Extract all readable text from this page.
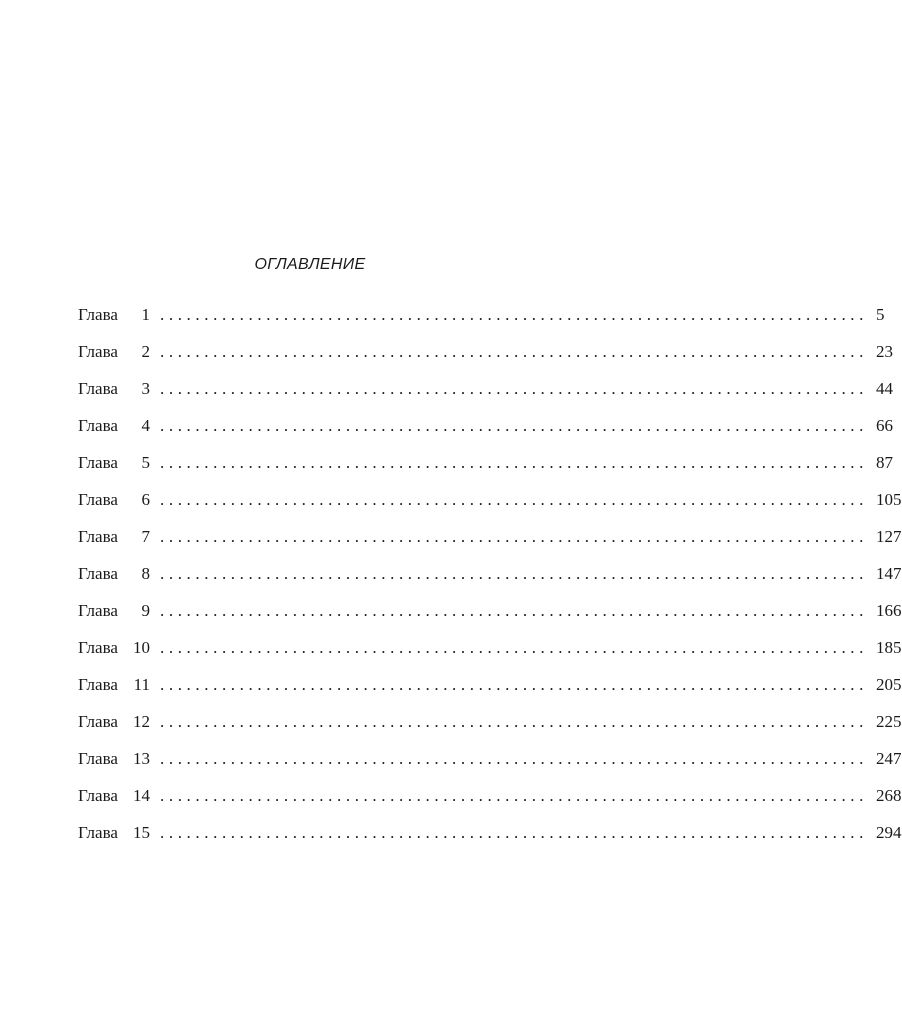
ОГЛАВЛЕНИЕ
Глава	1 ................................................................................ 5
Глава	2 ................................................................................ 23
Глава	3 ................................................................................ 44
Глава	4 ................................................................................ 66
Глава	5 ................................................................................ 87
Глава	6 ................................................................................ 105
Глава	7 ................................................................................ 127
Глава	8 ................................................................................ 147
Глава	9 ................................................................................ 166
Глава 10 ................................................................................ 185
Глава 11 ................................................................................ 205
Глава 12 ................................................................................ 225
Глава 13 ................................................................................ 247
Глава 14 ................................................................................ 268
Глава 15 ................................................................................ 294
